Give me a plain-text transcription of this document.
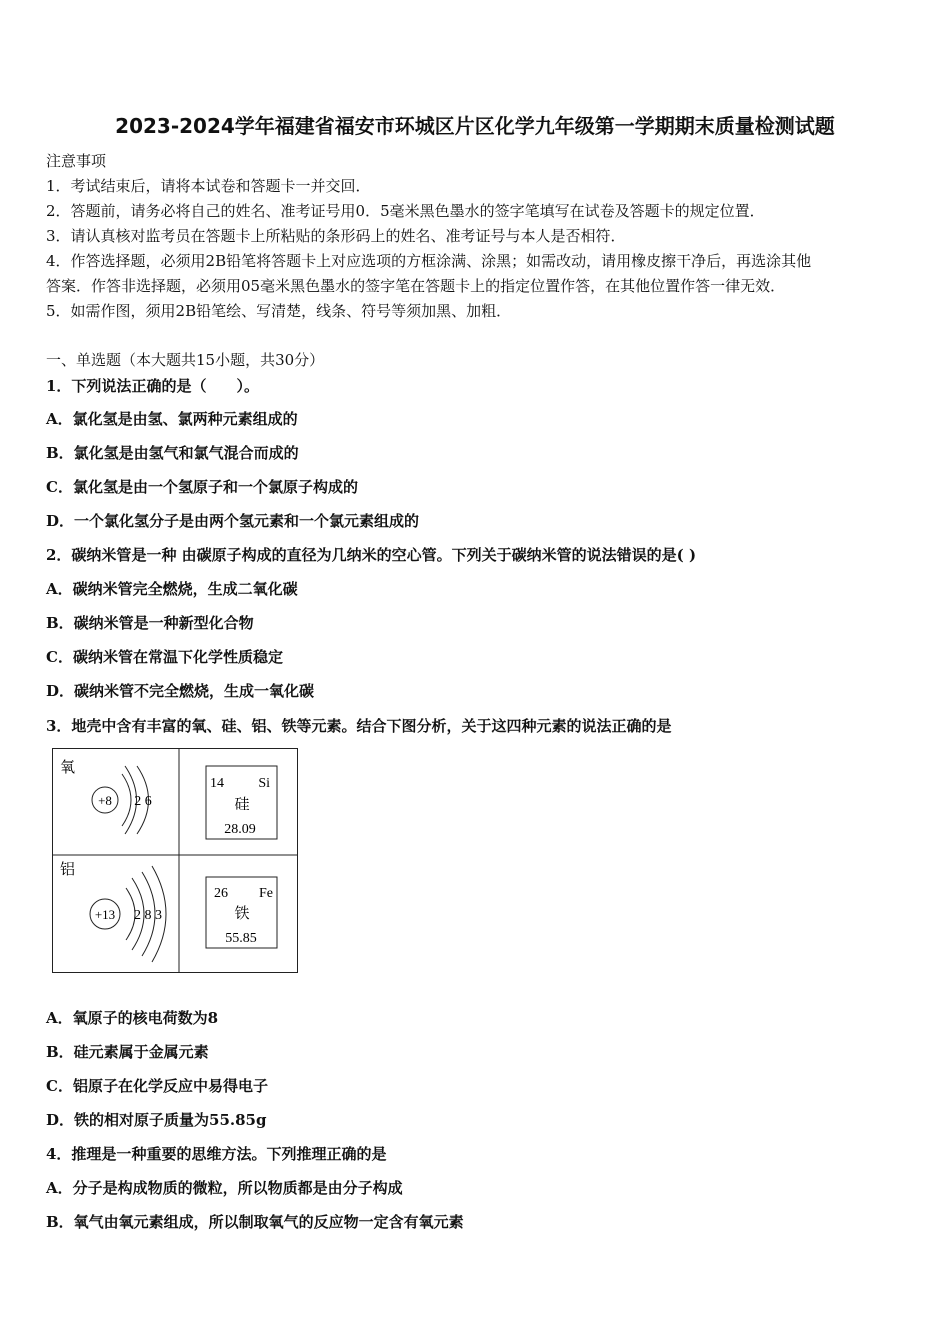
2023-2024学年福建省福安市环城区片区化学九年级第一学期期末质量检测试题
注意事项
1．考试结束后，请将本试卷和答题卡一并交回．
2．答题前，请务必将自己的姓名、准考证号用0．5毫米黑色墨水的签字笔填写在试卷及答题卡的规定位置．
3．请认真核对监考员在答题卡上所粘贴的条形码上的姓名、准考证号与本人是否相符．
4．作答选择题，必须用2B铅笔将答题卡上对应选项的方框涂满、涂黑；如需改动，请用橡皮擦干净后，再选涂其他
答案．作答非选择题，必须用05毫米黑色墨水的签字笔在答题卡上的指定位置作答，在其他位置作答一律无效．
5．如需作图，须用2B铅笔绘、写清楚，线条、符号等须加黑、加粗．
一、单选题（本大题共15小题，共30分）
1．下列说法正确的是（　　）。
A．氯化氢是由氢、氯两种元素组成的
B．氯化氢是由氢气和氯气混合而成的
C．氯化氢是由一个氢原子和一个氯原子构成的
D．一个氯化氢分子是由两个氢元素和一个氯元素组成的
2．碳纳米管是一种 由碳原子构成的直径为几纳米的空心管。下列关于碳纳米管的说法错误的是( )
A．碳纳米管完全燃烧，生成二氧化碳
B．碳纳米管是一种新型化合物
C．碳纳米管在常温下化学性质稳定
D．碳纳米管不完全燃烧，生成一氧化碳
3．地壳中含有丰富的氧、硅、铝、铁等元素。结合下图分析，关于这四种元素的说法正确的是
氧
+8 2 6
铝
+13 2 8 3
14 Si
硅
28.09
26 Fe
铁
55.85
A．氧原子的核电荷数为8
B．硅元素属于金属元素
C．铝原子在化学反应中易得电子
D．铁的相对原子质量为55.85g
4．推理是一种重要的思维方法。下列推理正确的是
A．分子是构成物质的微粒，所以物质都是由分子构成
B．氧气由氧元素组成，所以制取氧气的反应物一定含有氧元素
